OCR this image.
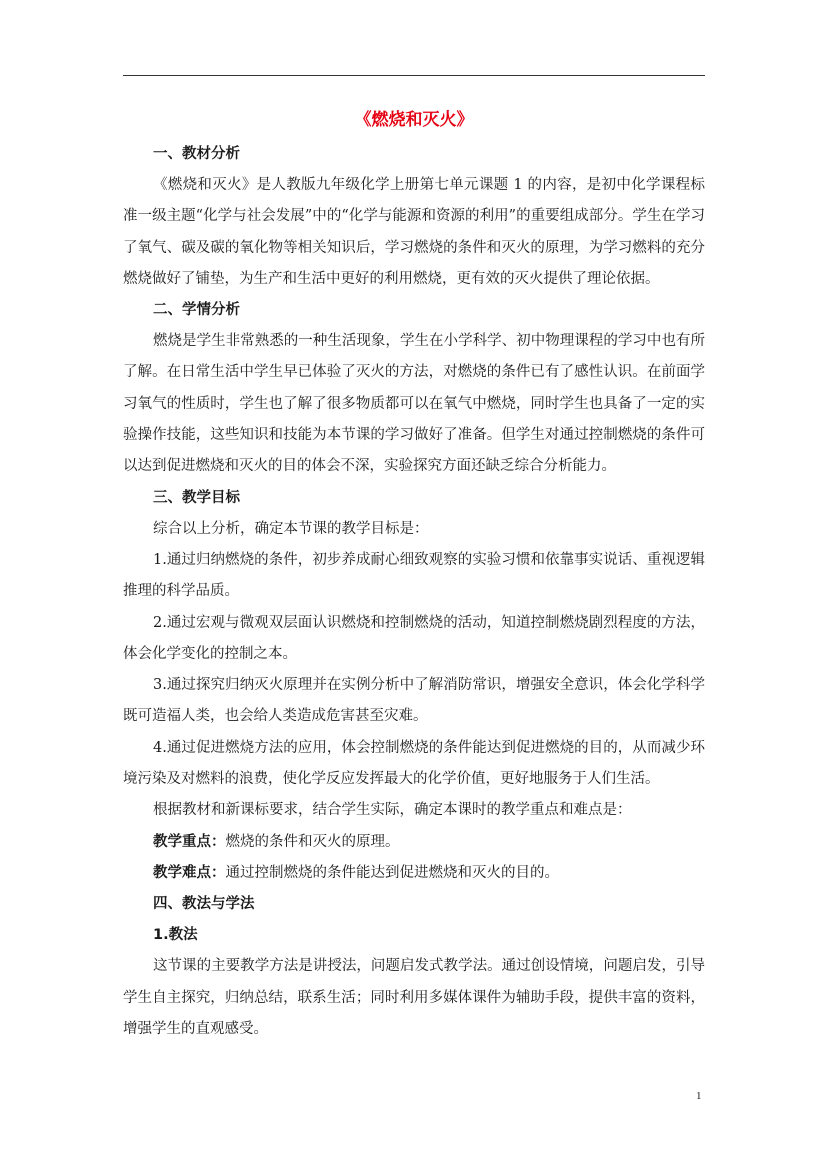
《燃烧和灭火》
一、教材分析
《燃烧和灭火》是人教版九年级化学上册第七单元课题 1 的内容，是初中化学课程标准一级主题“化学与社会发展”中的“化学与能源和资源的利用”的重要组成部分。学生在学习了氧气、碳及碳的氧化物等相关知识后，学习燃烧的条件和灭火的原理，为学习燃料的充分燃烧做好了铺垫，为生产和生活中更好的利用燃烧，更有效的灭火提供了理论依据。
二、学情分析
燃烧是学生非常熟悉的一种生活现象，学生在小学科学、初中物理课程的学习中也有所了解。在日常生活中学生早已体验了灭火的方法，对燃烧的条件已有了感性认识。在前面学习氧气的性质时，学生也了解了很多物质都可以在氧气中燃烧，同时学生也具备了一定的实验操作技能，这些知识和技能为本节课的学习做好了准备。但学生对通过控制燃烧的条件可以达到促进燃烧和灭火的目的体会不深，实验探究方面还缺乏综合分析能力。
三、教学目标
综合以上分析，确定本节课的教学目标是：
1.通过归纳燃烧的条件，初步养成耐心细致观察的实验习惯和依靠事实说话、重视逻辑推理的科学品质。
2.通过宏观与微观双层面认识燃烧和控制燃烧的活动，知道控制燃烧剧烈程度的方法，体会化学变化的控制之本。
3.通过探究归纳灭火原理并在实例分析中了解消防常识，增强安全意识，体会化学科学既可造福人类，也会给人类造成危害甚至灾难。
4.通过促进燃烧方法的应用，体会控制燃烧的条件能达到促进燃烧的目的，从而减少环境污染及对燃料的浪费，使化学反应发挥最大的化学价值，更好地服务于人们生活。
根据教材和新课标要求，结合学生实际，确定本课时的教学重点和难点是：
教学重点：燃烧的条件和灭火的原理。
教学难点：通过控制燃烧的条件能达到促进燃烧和灭火的目的。
四、教法与学法
1.教法
这节课的主要教学方法是讲授法，问题启发式教学法。通过创设情境，问题启发，引导学生自主探究，归纳总结，联系生活；同时利用多媒体课件为辅助手段，提供丰富的资料，增强学生的直观感受。
1
